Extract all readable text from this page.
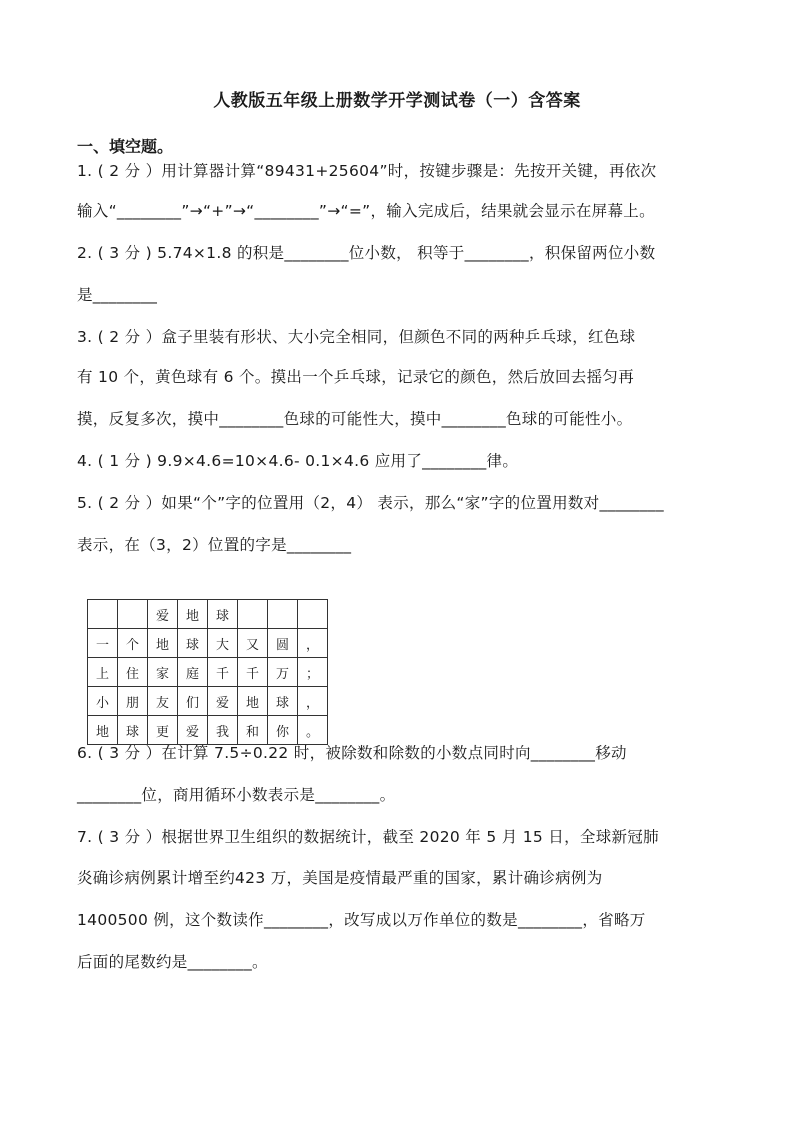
人教版五年级上册数学开学测试卷（一）含答案
一、填空题。
1. ( 2 分 ）用计算器计算“89431+25604”时，按键步骤是：先按开关键，再依次
输入“________”→“+”→“________”→“=”，输入完成后，结果就会显示在屏幕上。
2. ( 3 分 ) 5.74×1.8 的积是________位小数， 积等于________，积保留两位小数
是________
3. ( 2 分 ）盒子里装有形状、大小完全相同，但颜色不同的两种乒乓球，红色球
有 10 个，黄色球有 6 个。摸出一个乒乓球，记录它的颜色，然后放回去摇匀再
摸，反复多次，摸中________色球的可能性大，摸中________色球的可能性小。
4. ( 1 分 ) 9.9×4.6=10×4.6- 0.1×4.6 应用了________律。
5. ( 2 分 ）如果“个”字的位置用（2，4） 表示，那么“家”字的位置用数对________
表示，在（3，2）位置的字是________
		爱	地	球			
一	个	地	球	大	又	圆	，
上	住	家	庭	千	千	万	；
小	朋	友	们	爱	地	球	，
地	球	更	爱	我	和	你	。
6. ( 3 分 ）在计算 7.5÷0.22 时，被除数和除数的小数点同时向________移动
________位，商用循环小数表示是________。
7. ( 3 分 ）根据世界卫生组织的数据统计，截至 2020 年 5 月 15 日，全球新冠肺
炎确诊病例累计增至约423 万，美国是疫情最严重的国家，累计确诊病例为
1400500 例，这个数读作________，改写成以万作单位的数是________，省略万
后面的尾数约是________。
